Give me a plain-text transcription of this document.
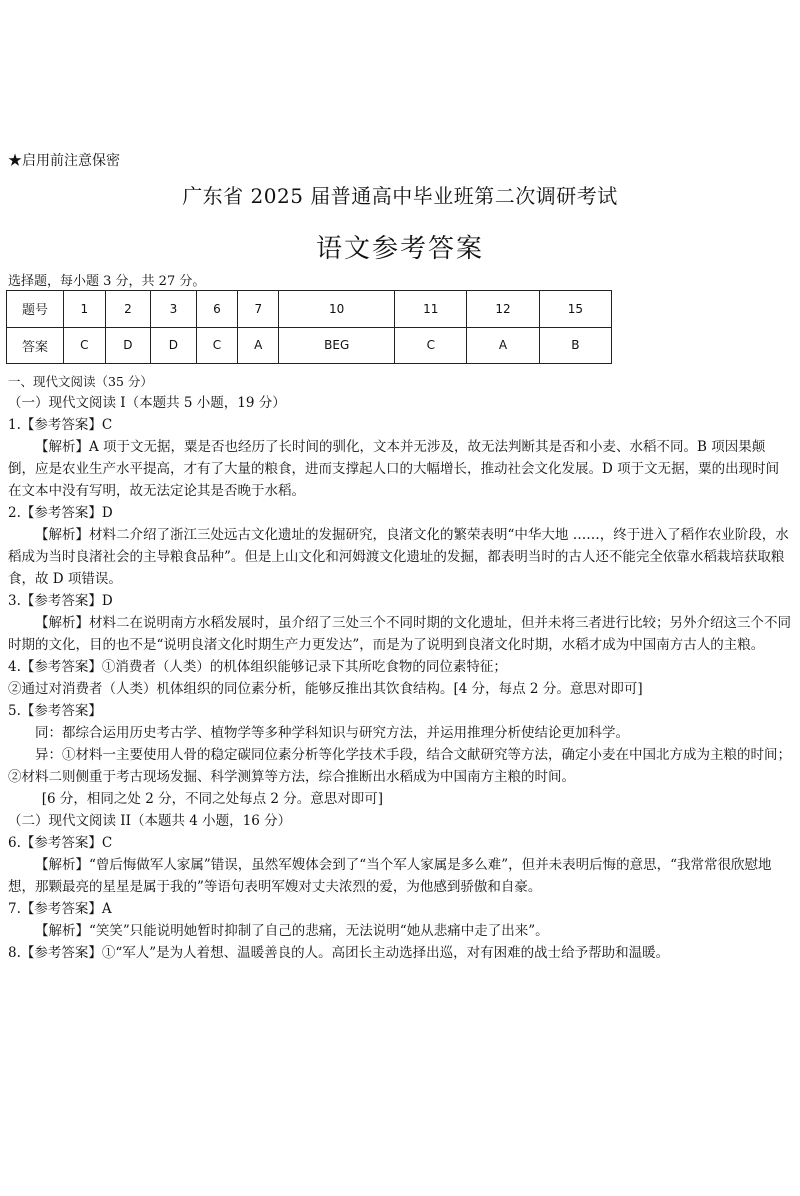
★启用前注意保密
广东省 2025 届普通高中毕业班第二次调研考试
语文参考答案
选择题，每小题 3 分，共 27 分。
题号	1	2	3	6	7	10	11	12	15
答案	C	D	D	C	A	BEG	C	A	B

一、现代文阅读（35 分）

（一）现代文阅读 I（本题共 5 小题，19 分）

1.【参考答案】C

【解析】A 项于文无据，粟是否也经历了长时间的驯化，文本并无涉及，故无法判断其是否和小麦、水稻不同。B 项因果颠倒，应是农业生产水平提高，才有了大量的粮食，进而支撑起人口的大幅增长，推动社会文化发展。D 项于文无据，粟的出现时间在文本中没有写明，故无法定论其是否晚于水稻。

2.【参考答案】D

【解析】材料二介绍了浙江三处远古文化遗址的发掘研究，良渚文化的繁荣表明“中华大地 ……，终于进入了稻作农业阶段，水稻成为当时良渚社会的主导粮食品种”。但是上山文化和河姆渡文化遗址的发掘，都表明当时的古人还不能完全依靠水稻栽培获取粮食，故 D 项错误。

3.【参考答案】D

【解析】材料二在说明南方水稻发展时，虽介绍了三处三个不同时期的文化遗址，但并未将三者进行比较；另外介绍这三个不同时期的文化，目的也不是“说明良渚文化时期生产力更发达”，而是为了说明到良渚文化时期，水稻才成为中国南方古人的主粮。

4.【参考答案】①消费者（人类）的机体组织能够记录下其所吃食物的同位素特征；

②通过对消费者（人类）机体组织的同位素分析，能够反推出其饮食结构。[4 分，每点 2 分。意思对即可]

5.【参考答案】

同：都综合运用历史考古学、植物学等多种学科知识与研究方法，并运用推理分析使结论更加科学。

异：①材料一主要使用人骨的稳定碳同位素分析等化学技术手段，结合文献研究等方法，确定小麦在中国北方成为主粮的时间；②材料二则侧重于考古现场发掘、科学测算等方法，综合推断出水稻成为中国南方主粮的时间。

[6 分，相同之处 2 分，不同之处每点 2 分。意思对即可]

（二）现代文阅读 II（本题共 4 小题，16 分）

6.【参考答案】C

【解析】“曾后悔做军人家属”错误，虽然军嫂体会到了“当个军人家属是多么难”，但并未表明后悔的意思，“我常常很欣慰地想，那颗最亮的星星是属于我的”等语句表明军嫂对丈夫浓烈的爱，为他感到骄傲和自豪。

7.【参考答案】A

【解析】“笑笑”只能说明她暂时抑制了自己的悲痛，无法说明“她从悲痛中走了出来”。

8.【参考答案】①“军人”是为人着想、温暖善良的人。高团长主动选择出巡，对有困难的战士给予帮助和温暖。
